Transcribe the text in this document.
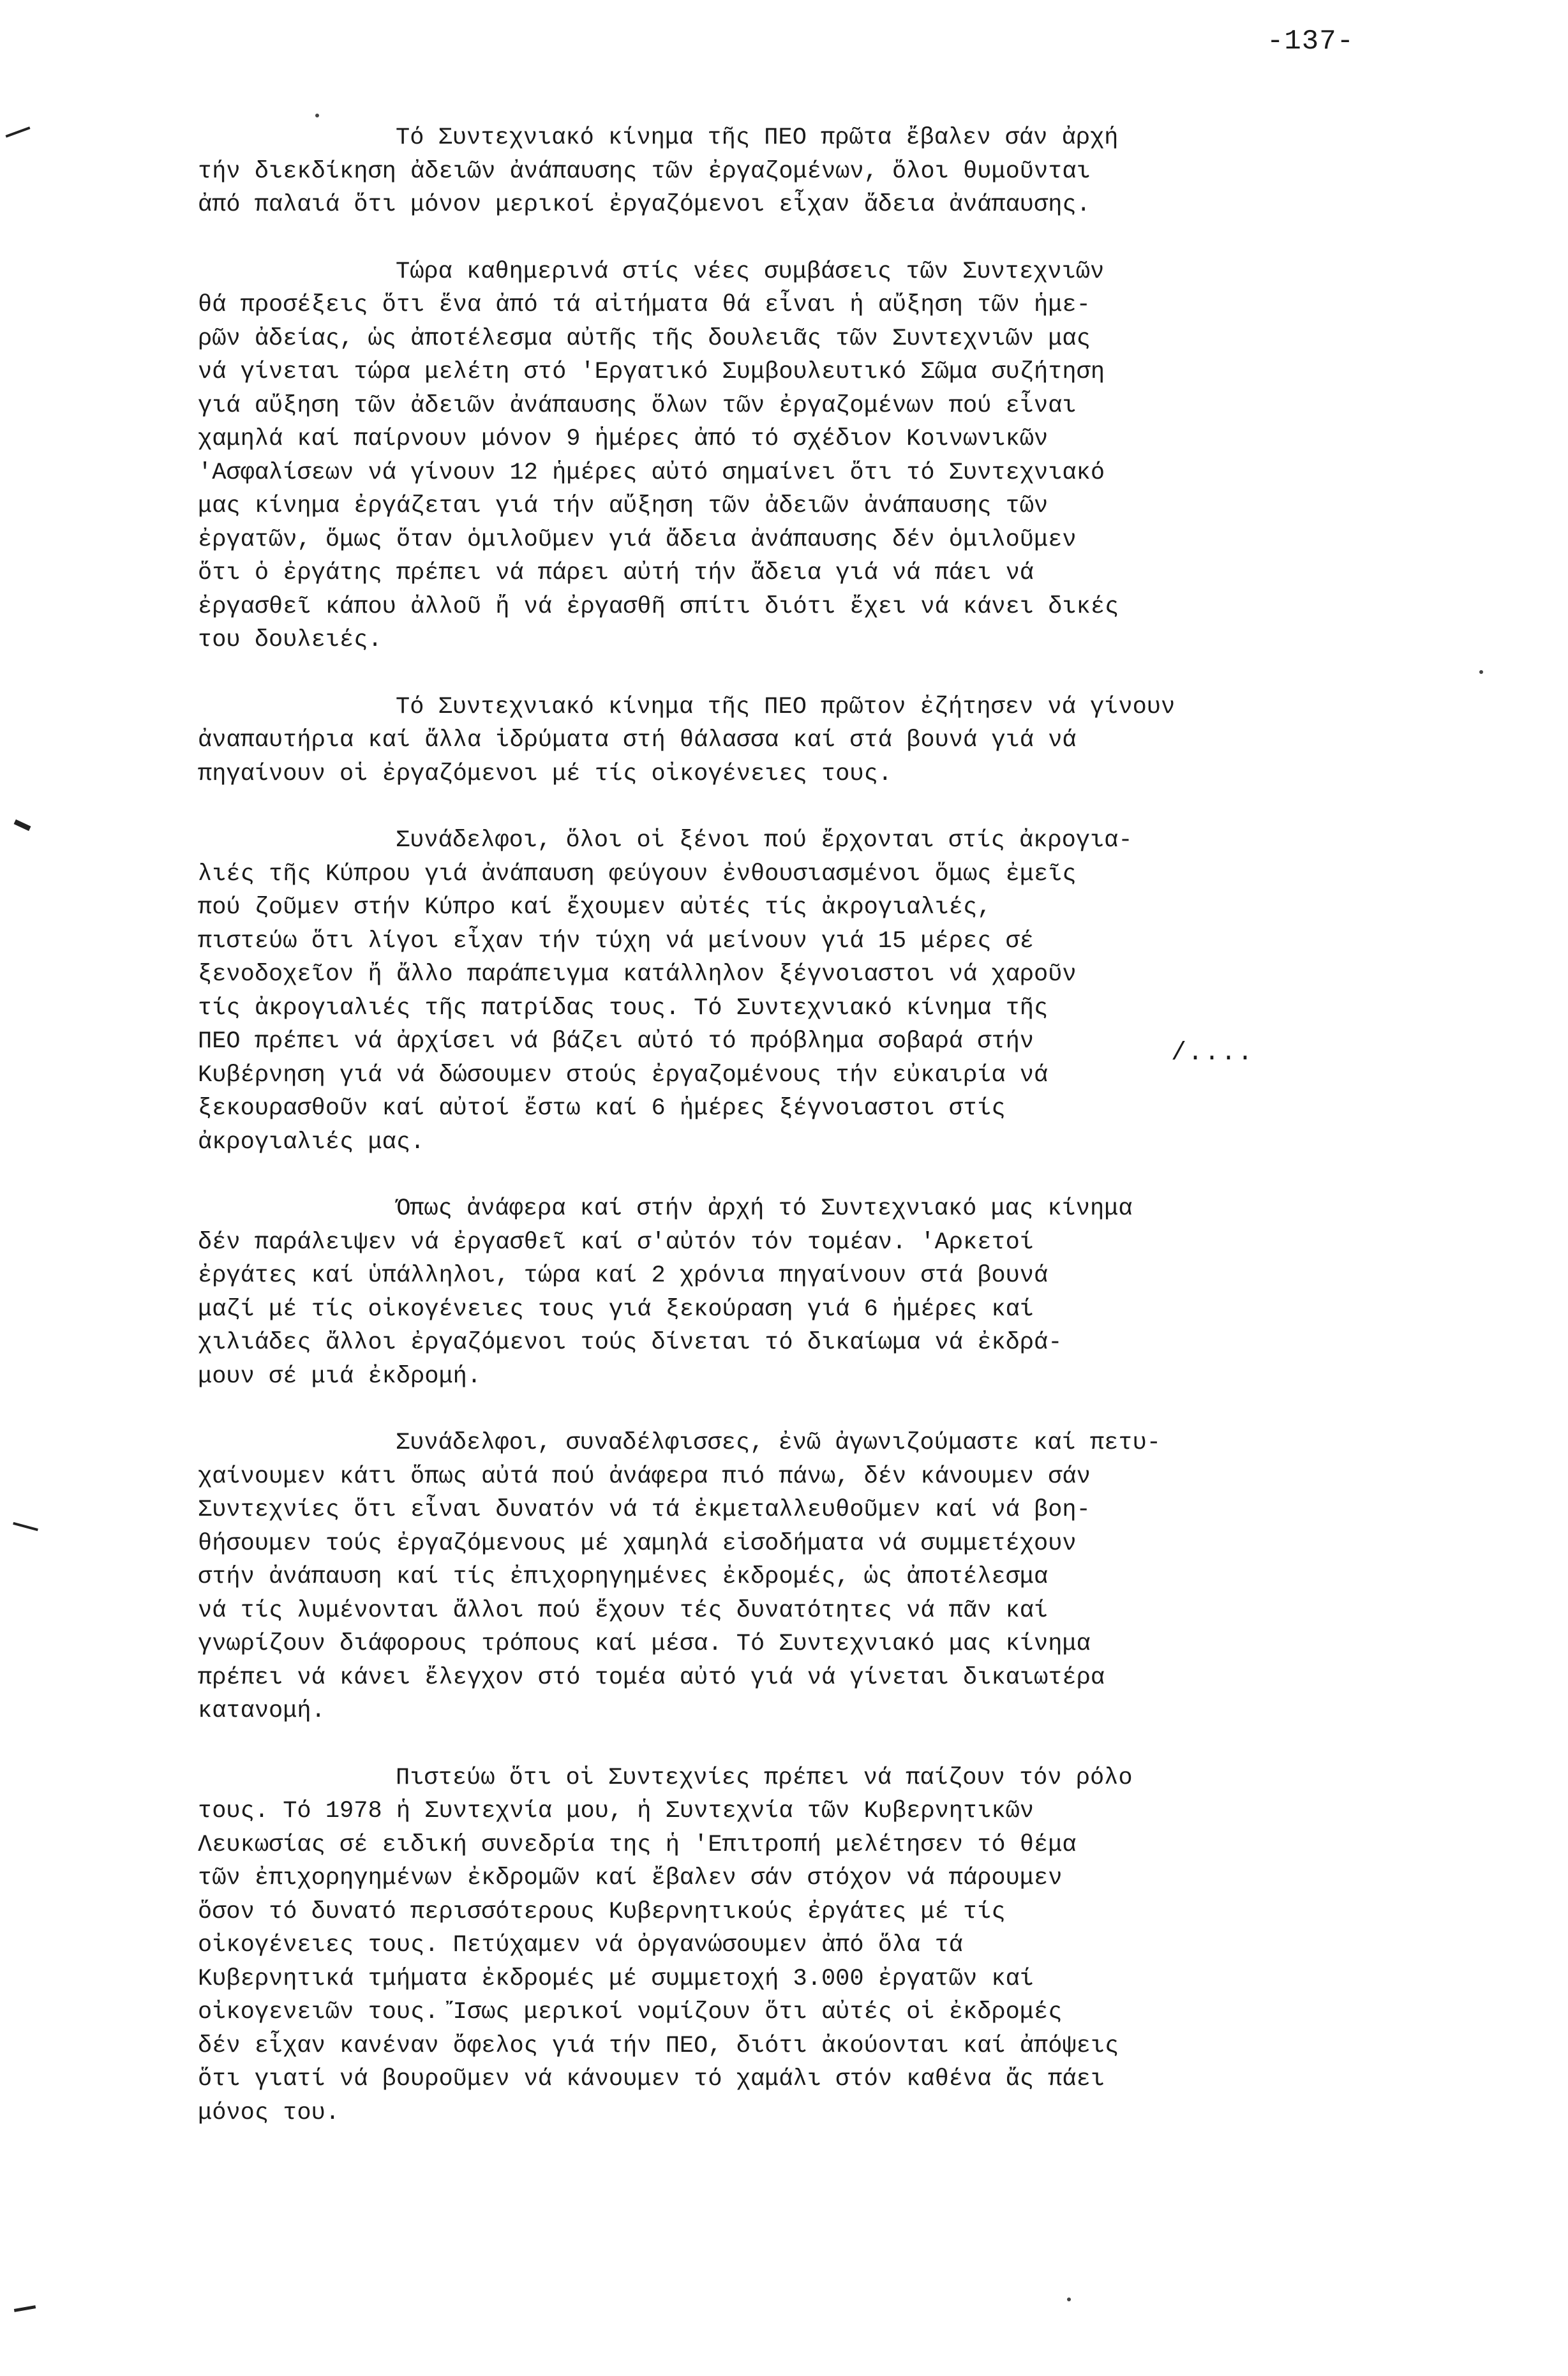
-137-
Τό Συντεχνιακό κίνημα τῆς ΠΕΟ πρῶτα ἔβαλεν σάν ἀρχή
τήν διεκδίκηση ἀδειῶν ἀνάπαυσης τῶν ἐργαζομένων, ὅλοι θυμοῦνται
ἀπό παλαιά ὅτι μόνον μερικοί ἐργαζόμενοι εἶχαν ἄδεια ἀνάπαυσης.
Τώρα καθημερινά στίς νέες συμβάσεις τῶν Συντεχνιῶν
θά προσέξεις ὅτι ἕνα ἀπό τά αἰτήματα θά εἶναι ἡ αὔξηση τῶν ἡμε-
ρῶν ἀδείας, ὡς ἀποτέλεσμα αὐτῆς τῆς δουλειᾶς τῶν Συντεχνιῶν μας
νά γίνεται τώρα μελέτη στό 'Εργατικό Συμβουλευτικό Σῶμα συζήτηση
γιά αὔξηση τῶν ἀδειῶν ἀνάπαυσης ὅλων τῶν ἐργαζομένων πού εἶναι
χαμηλά καί παίρνουν μόνον 9 ἡμέρες ἀπό τό σχέδιον Κοινωνικῶν
'Ασφαλίσεων νά γίνουν 12 ἡμέρες αὐτό σημαίνει ὅτι τό Συντεχνιακό
μας κίνημα ἐργάζεται γιά τήν αὔξηση τῶν ἀδειῶν ἀνάπαυσης τῶν
ἐργατῶν, ὅμως ὅταν ὁμιλοῦμεν γιά ἄδεια ἀνάπαυσης δέν ὁμιλοῦμεν
ὅτι ὁ ἐργάτης πρέπει νά πάρει αὐτή τήν ἄδεια γιά νά πάει νά
ἐργασθεῖ κάπου ἀλλοῦ ἤ νά ἐργασθῆ σπίτι διότι ἔχει νά κάνει δικές
του δουλειές.
Τό Συντεχνιακό κίνημα τῆς ΠΕΟ πρῶτον ἐζήτησεν νά γίνουν
ἀναπαυτήρια καί ἄλλα ἱδρύματα στή θάλασσα καί στά βουνά γιά νά
πηγαίνουν οἱ ἐργαζόμενοι μέ τίς οἰκογένειες τους.
Συνάδελφοι, ὅλοι οἱ ξένοι πού ἔρχονται στίς ἀκρογια-
λιές τῆς Κύπρου γιά ἀνάπαυση φεύγουν ἐνθουσιασμένοι ὅμως ἐμεῖς
πού ζοῦμεν στήν Κύπρο καί ἔχουμεν αὐτές τίς ἀκρογιαλιές,
πιστεύω ὅτι λίγοι εἶχαν τήν τύχη νά μείνουν γιά 15 μέρες σέ
ξενοδοχεῖον ἤ ἄλλο παράπειγμα κατάλληλον ξέγνοιαστοι νά χαροῦν
τίς ἀκρογιαλιές τῆς πατρίδας τους. Τό Συντεχνιακό κίνημα τῆς
ΠΕΟ πρέπει νά ἀρχίσει νά βάζει αὐτό τό πρόβλημα σοβαρά στήν
Κυβέρνηση γιά νά δώσουμεν στούς ἐργαζομένους τήν εὐκαιρία νά
ξεκουρασθοῦν καί αὐτοί ἔστω καί 6 ἡμέρες ξέγνοιαστοι στίς
ἀκρογιαλιές μας.
Όπως ἀνάφερα καί στήν ἀρχή τό Συντεχνιακό μας κίνημα
δέν παράλειψεν νά ἐργασθεῖ καί σ'αὐτόν τόν τομέαν. 'Αρκετοί
ἐργάτες καί ὑπάλληλοι, τώρα καί 2 χρόνια πηγαίνουν στά βουνά
μαζί μέ τίς οἰκογένειες τους γιά ξεκούραση γιά 6 ἡμέρες καί
χιλιάδες ἄλλοι ἐργαζόμενοι τούς δίνεται τό δικαίωμα νά ἐκδρά-
μουν σέ μιά ἐκδρομή.
Συνάδελφοι, συναδέλφισσες, ἐνῶ ἀγωνιζούμαστε καί πετυ-
χαίνουμεν κάτι ὅπως αὐτά πού ἀνάφερα πιό πάνω, δέν κάνουμεν σάν
Συντεχνίες ὅτι εἶναι δυνατόν νά τά ἐκμεταλλευθοῦμεν καί νά βοη-
θήσουμεν τούς ἐργαζόμενους μέ χαμηλά εἰσοδήματα νά συμμετέχουν
στήν ἀνάπαυση καί τίς ἐπιχορηγημένες ἐκδρομές, ὡς ἀποτέλεσμα
νά τίς λυμένονται ἄλλοι πού ἔχουν τές δυνατότητες νά πᾶν καί
γνωρίζουν διάφορους τρόπους καί μέσα. Τό Συντεχνιακό μας κίνημα
πρέπει νά κάνει ἔλεγχον στό τομέα αὐτό γιά νά γίνεται δικαιωτέρα
κατανομή.
Πιστεύω ὅτι οἱ Συντεχνίες πρέπει νά παίζουν τόν ρόλο
τους. Τό 1978 ἡ Συντεχνία μου, ἡ Συντεχνία τῶν Κυβερνητικῶν
Λευκωσίας σέ ειδική συνεδρία της ἡ 'Επιτροπή μελέτησεν τό θέμα
τῶν ἐπιχορηγημένων ἐκδρομῶν καί ἔβαλεν σάν στόχον νά πάρουμεν
ὅσον τό δυνατό περισσότερους Κυβερνητικούς ἐργάτες μέ τίς
οἰκογένειες τους. Πετύχαμεν νά ὀργανώσουμεν ἀπό ὅλα τά
Κυβερνητικά τμήματα ἐκδρομές μέ συμμετοχή 3.000 ἐργατῶν καί
οἰκογενειῶν τους. Ἴσως μερικοί νομίζουν ὅτι αὐτές οἱ ἐκδρομές
δέν εἶχαν κανέναν ὄφελος γιά τήν ΠΕΟ, διότι ἀκούονται καί ἀπόψεις
ὅτι γιατί νά βουροῦμεν νά κάνουμεν τό χαμάλι στόν καθένα ἄς πάει
μόνος του.
/....
